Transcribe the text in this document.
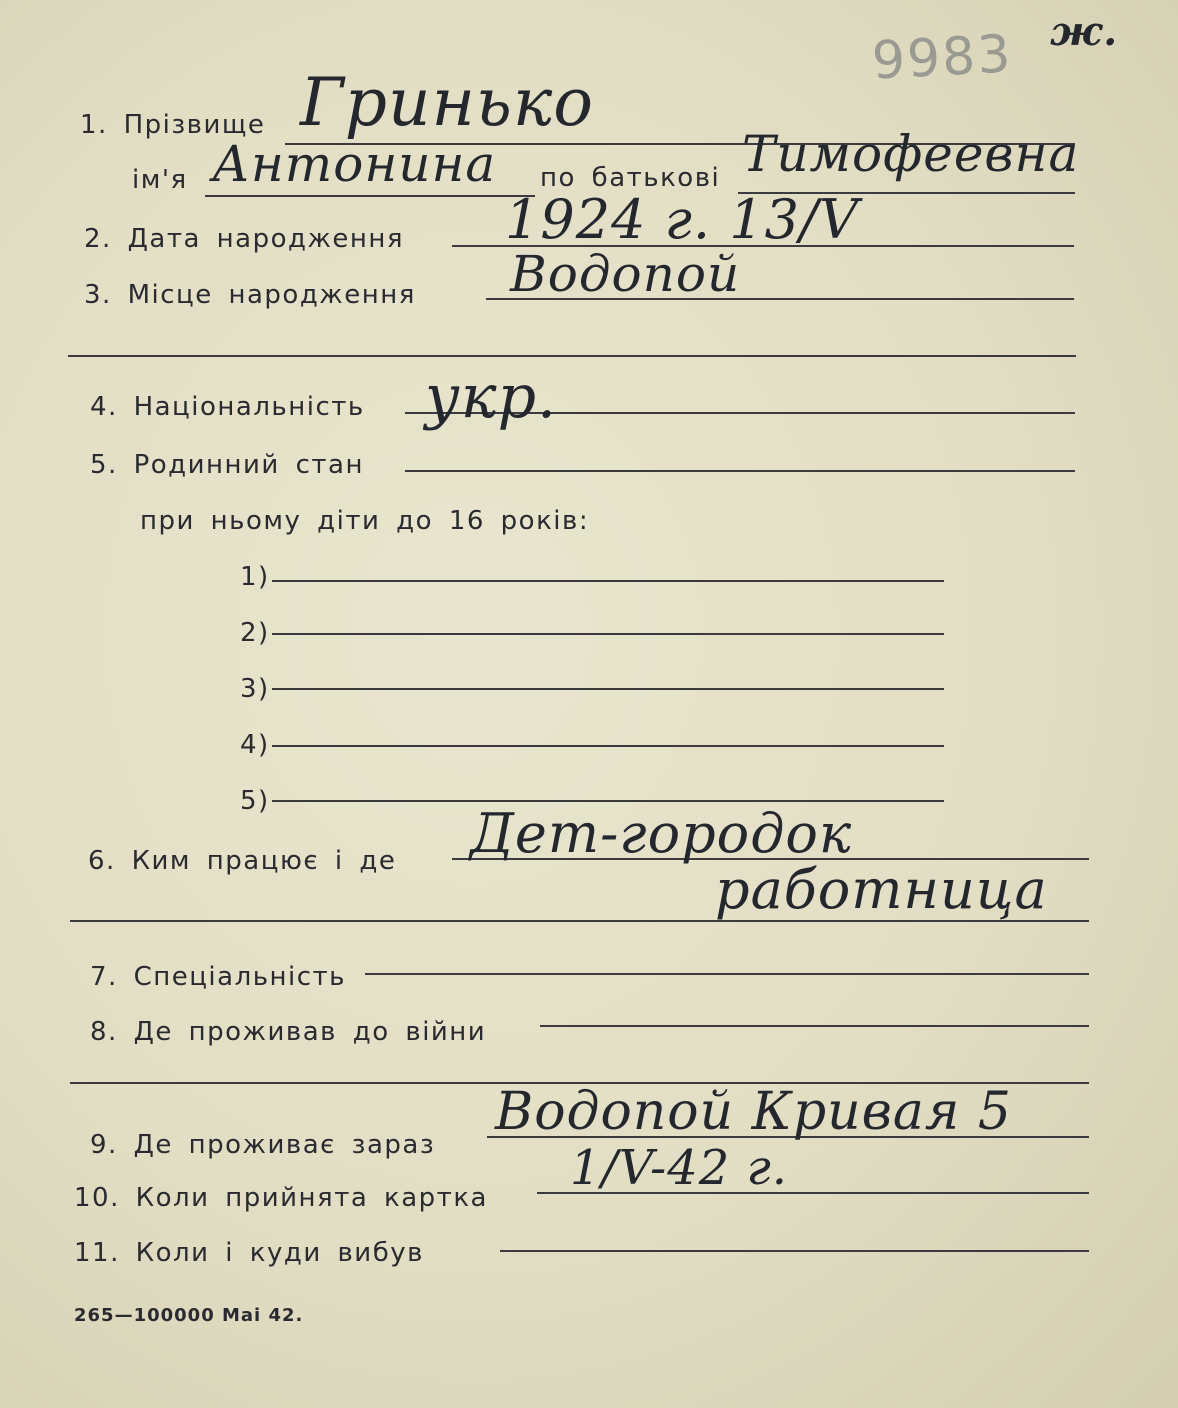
9983 ж.
1. Прізвище Гринько
ім'я Антонина по батькові Тимофеевна
2. Дата народження 1924 г. 13/V
3. Місце народження Водопой
4. Національність укр.
5. Родинний стан
при ньому діти до 16 років:
1)
2)
3)
4)
5)
6. Ким працює і де Дет-городок
работница
7. Спеціальність
8. Де проживав до війни
9. Де проживає зараз
Водопой Кривая 5
10. Коли прийнята картка
1/V-42 г.
11. Коли і куди вибув
265—100000 Mai 42.
